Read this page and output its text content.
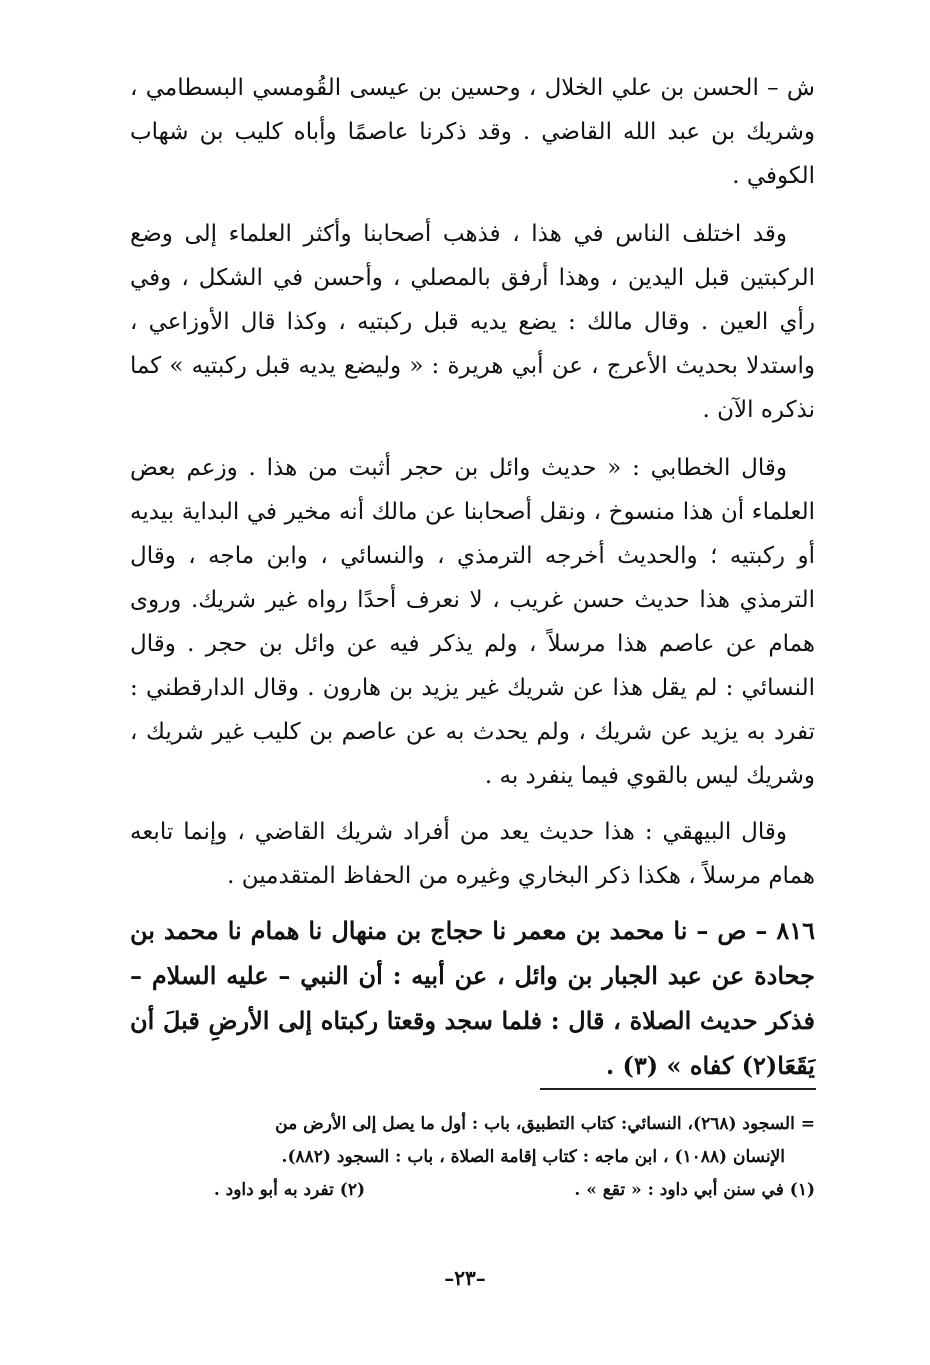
ش – الحسن بن علي الخلال ، وحسين بن عيسى القُومسي البسطامي ، وشريك بن عبد الله القاضي . وقد ذكرنا عاصمًا وأباه كليب بن شهاب الكوفي .

وقد اختلف الناس في هذا ، فذهب أصحابنا وأكثر العلماء إلى وضع الركبتين قبل اليدين ، وهذا أرفق بالمصلي ، وأحسن في الشكل ، وفي رأي العين . وقال مالك : يضع يديه قبل ركبتيه ، وكذا قال الأوزاعي ، واستدلا بحديث الأعرج ، عن أبي هريرة : « وليضع يديه قبل ركبتيه » كما نذكره الآن .

وقال الخطابي : « حديث وائل بن حجر أثبت من هذا . وزعم بعض العلماء أن هذا منسوخ ، ونقل أصحابنا عن مالك أنه مخير في البداية بيديه أو ركبتيه ؛ والحديث أخرجه الترمذي ، والنسائي ، وابن ماجه ، وقال الترمذي هذا حديث حسن غريب ، لا نعرف أحدًا رواه غير شريك. وروى همام عن عاصم هذا مرسلاً ، ولم يذكر فيه عن وائل بن حجر . وقال النسائي : لم يقل هذا عن شريك غير يزيد بن هارون . وقال الدارقطني : تفرد به يزيد عن شريك ، ولم يحدث به عن عاصم بن كليب غير شريك ، وشريك ليس بالقوي فيما ينفرد به .

وقال البيهقي : هذا حديث يعد من أفراد شريك القاضي ، وإنما تابعه همام مرسلاً ، هكذا ذكر البخاري وغيره من الحفاظ المتقدمين .

٨١٦ – ص – نا محمد بن معمر نا حجاج بن منهال نا همام نا محمد بن جحادة عن عبد الجبار بن وائل ، عن أبيه : أن النبي – عليه السلام – فذكر حديث الصلاة ، قال : فلما سجد وقعتا ركبتاه إلى الأرضِ قبلَ أن يَقَعَا(٢) كفاه » (٣) .

= السجود (٢٦٨)، النسائي: كتاب التطبيق، باب : أول ما يصل إلى الأرض من

الإنسان (١٠٨٨) ، ابن ماجه : كتاب إقامة الصلاة ، باب : السجود (٨٨٢).

(١) في سنن أبي داود : « تقع » .
(٢) تفرد به أبو داود .
–٢٣–
